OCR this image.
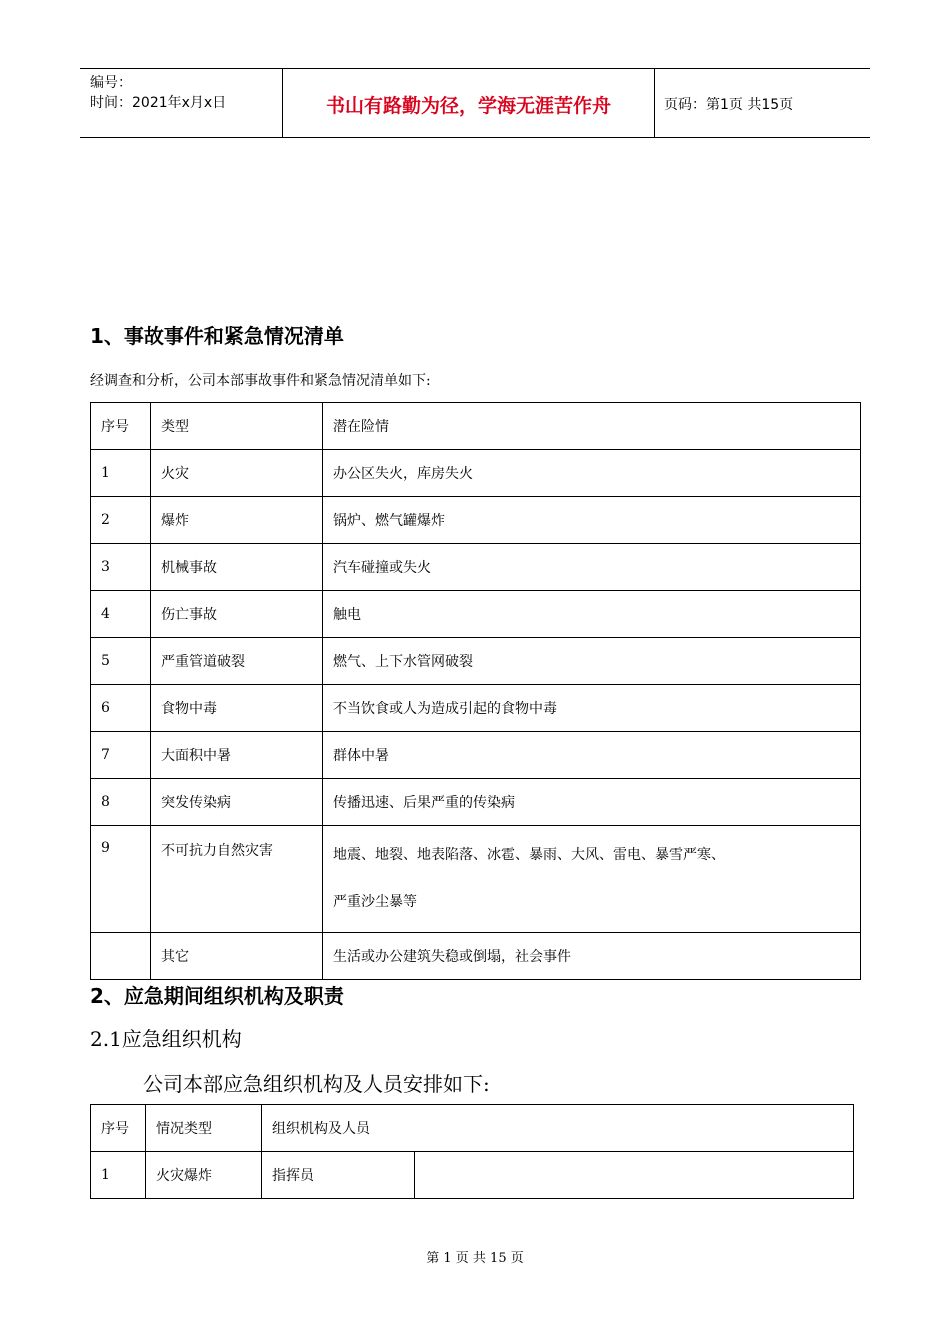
编号：
时间：2021年x月x日	书山有路勤为径，学海无涯苦作舟	页码：第1页 共15页
1、事故事件和紧急情况清单
经调查和分析，公司本部事故事件和紧急情况清单如下:
序号	类型	潜在险情
1	火灾	办公区失火，库房失火
2	爆炸	锅炉、燃气罐爆炸
3	机械事故	汽车碰撞或失火
4	伤亡事故	触电
5	严重管道破裂	燃气、上下水管网破裂
6	食物中毒	不当饮食或人为造成引起的食物中毒
7	大面积中暑	群体中暑
8	突发传染病	传播迅速、后果严重的传染病
9	不可抗力自然灾害	地震、地裂、地表陷落、冰雹、暴雨、大风、雷电、暴雪严寒、
严重沙尘暴等

	其它	生活或办公建筑失稳或倒塌，社会事件
2、应急期间组织机构及职责
2.1应急组织机构
公司本部应急组织机构及人员安排如下:
序号	情况类型	组织机构及人员	
1	火灾爆炸	指挥员	
第 1 页 共 15 页
